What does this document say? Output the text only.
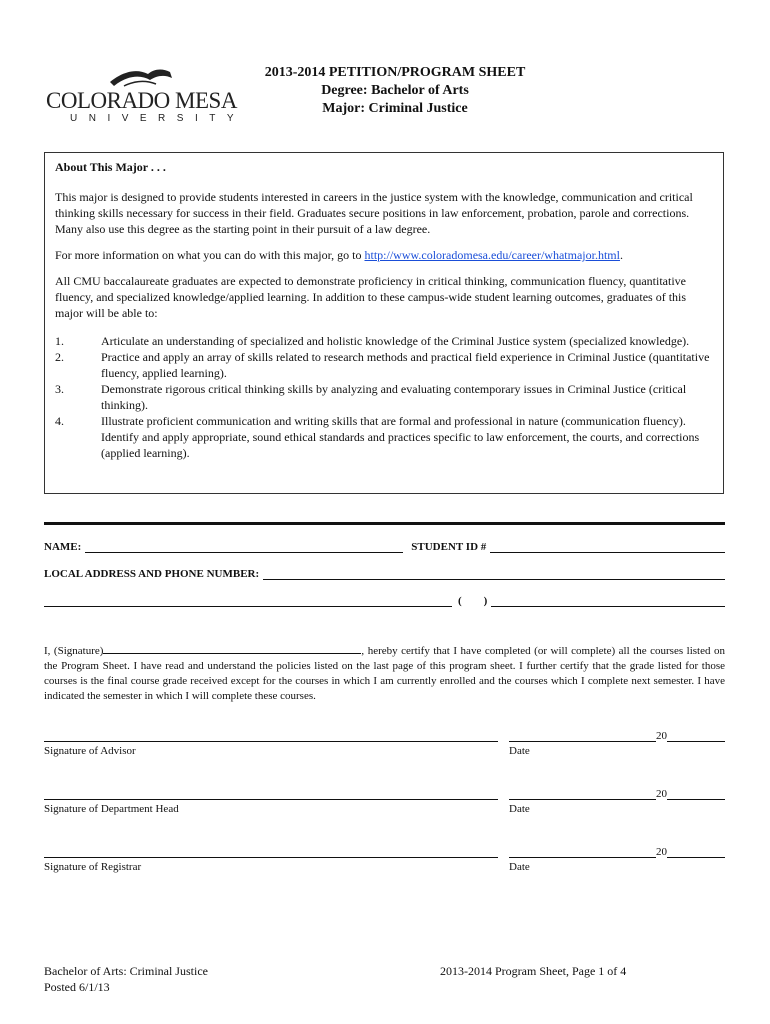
COLORADO MESA
UNIVERSITY
2013-2014 PETITION/PROGRAM SHEET
Degree: Bachelor of Arts
Major: Criminal Justice

About This Major . . .

This major is designed to provide students interested in careers in the justice system with the knowledge, communication and critical thinking skills necessary for success in their field. Graduates secure positions in law enforcement, probation, parole and corrections. Many also use this degree as the starting point in their pursuit of a law degree.

For more information on what you can do with this major, go to http://www.coloradomesa.edu/career/whatmajor.html.

All CMU baccalaureate graduates are expected to demonstrate proficiency in critical thinking, communication fluency, quantitative fluency, and specialized knowledge/applied learning. In addition to these campus-wide student learning outcomes, graduates of this major will be able to:

1.	Articulate an understanding of specialized and holistic knowledge of the Criminal Justice system (specialized knowledge).
2.	Practice and apply an array of skills related to research methods and practical field experience in Criminal Justice (quantitative fluency, applied learning).
3.	Demonstrate rigorous critical thinking skills by analyzing and evaluating contemporary issues in Criminal Justice (critical thinking).
4.	Illustrate proficient communication and writing skills that are formal and professional in nature (communication fluency). Identify and apply appropriate, sound ethical standards and practices specific to law enforcement, the courts, and corrections (applied learning).
NAME:	STUDENT ID #
LOCAL ADDRESS AND PHONE NUMBER:
( )
I, (Signature)	, hereby certify that I have completed (or will complete) all the courses listed on the Program Sheet. I have read and understand the policies listed on the last page of this program sheet. I further certify that the grade listed for those courses is the final course grade received except for the courses in which I am currently enrolled and the courses which I complete next semester. I have indicated the semester in which I will complete these courses.
Signature of Advisor
20
Date
Signature of Department Head
20
Date
Signature of Registrar
20
Date
Bachelor of Arts: Criminal Justice
Posted 6/1/13
2013-2014 Program Sheet, Page 1 of 4
